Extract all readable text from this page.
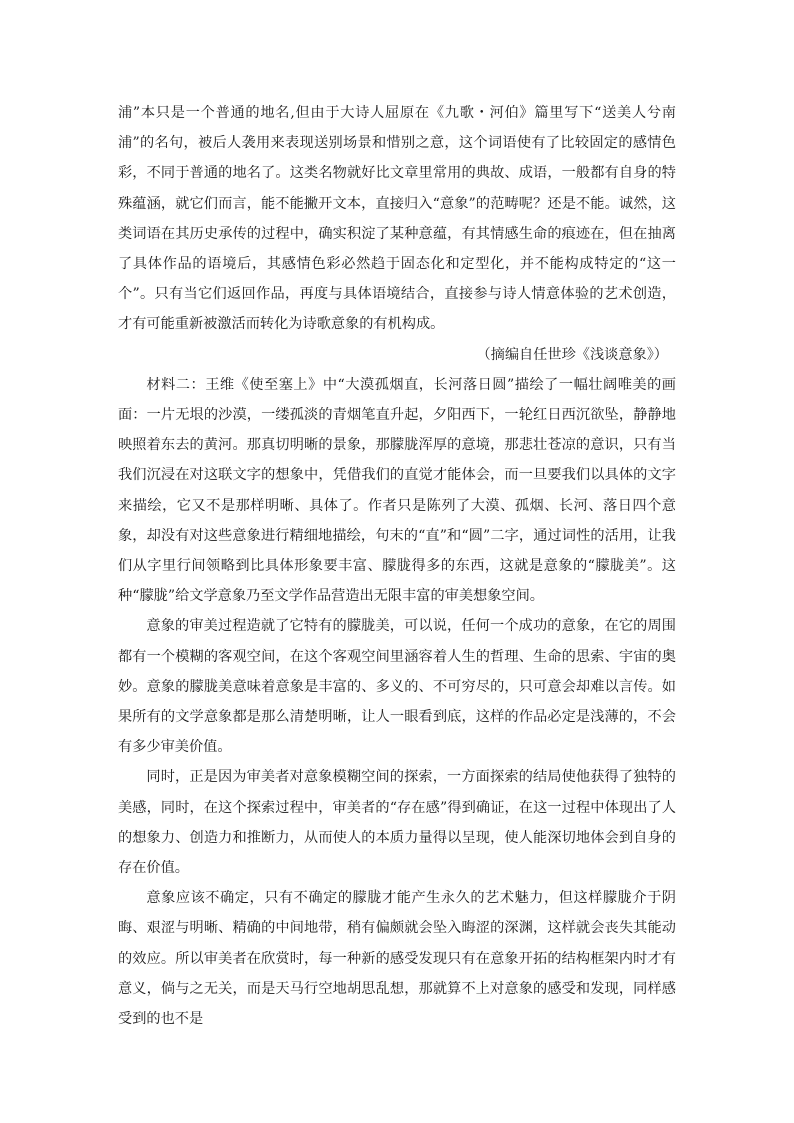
浦”本只是一个普通的地名,但由于大诗人屈原在《九歌・河伯》篇里写下“送美人兮南浦”的名句，被后人袭用来表现送别场景和惜别之意，这个词语使有了比较固定的感情色彩，不同于普通的地名了。这类名物就好比文章里常用的典故、成语，一般都有自身的特殊蕴涵，就它们而言，能不能撇开文本，直接归入“意象”的范畴呢？还是不能。诚然，这类词语在其历史承传的过程中，确实积淀了某种意蕴，有其情感生命的痕迹在，但在抽离了具体作品的语境后，其感情色彩必然趋于固态化和定型化，并不能构成特定的“这一个”。只有当它们返回作品，再度与具体语境结合，直接参与诗人情意体验的艺术创造，才有可能重新被激活而转化为诗歌意象的有机构成。

（摘编自任世珍《浅谈意象》）

材料二：王维《使至塞上》中“大漠孤烟直，长河落日圆”描绘了一幅壮阔唯美的画面：一片无垠的沙漠，一缕孤淡的青烟笔直升起，夕阳西下，一轮红日西沉欲坠，静静地映照着东去的黄河。那真切明晰的景象，那朦胧浑厚的意境，那悲壮苍凉的意识，只有当我们沉浸在对这联文字的想象中，凭借我们的直觉才能体会，而一旦要我们以具体的文字来描绘，它又不是那样明晰、具体了。作者只是陈列了大漠、孤烟、长河、落日四个意象，却没有对这些意象进行精细地描绘，句末的“直”和“圆”二字，通过词性的活用，让我们从字里行间领略到比具体形象要丰富、朦胧得多的东西，这就是意象的“朦胧美”。这种“朦胧”给文学意象乃至文学作品营造出无限丰富的审美想象空间。

意象的审美过程造就了它特有的朦胧美，可以说，任何一个成功的意象，在它的周围都有一个模糊的客观空间，在这个客观空间里涵容着人生的哲理、生命的思索、宇宙的奥妙。意象的朦胧美意味着意象是丰富的、多义的、不可穷尽的，只可意会却难以言传。如果所有的文学意象都是那么清楚明晰，让人一眼看到底，这样的作品必定是浅薄的，不会有多少审美价值。

同时，正是因为审美者对意象模糊空间的探索，一方面探索的结局使他获得了独特的美感，同时，在这个探索过程中，审美者的“存在感”得到确证，在这一过程中体现出了人的想象力、创造力和推断力，从而使人的本质力量得以呈现，使人能深切地体会到自身的存在价值。

意象应该不确定，只有不确定的朦胧才能产生永久的艺术魅力，但这样朦胧介于阴晦、艰涩与明晰、精确的中间地带，稍有偏颇就会坠入晦涩的深渊，这样就会丧失其能动的效应。所以审美者在欣赏时，每一种新的感受发现只有在意象开拓的结构框架内时才有意义，倘与之无关，而是天马行空地胡思乱想，那就算不上对意象的感受和发现，同样感受到的也不是
